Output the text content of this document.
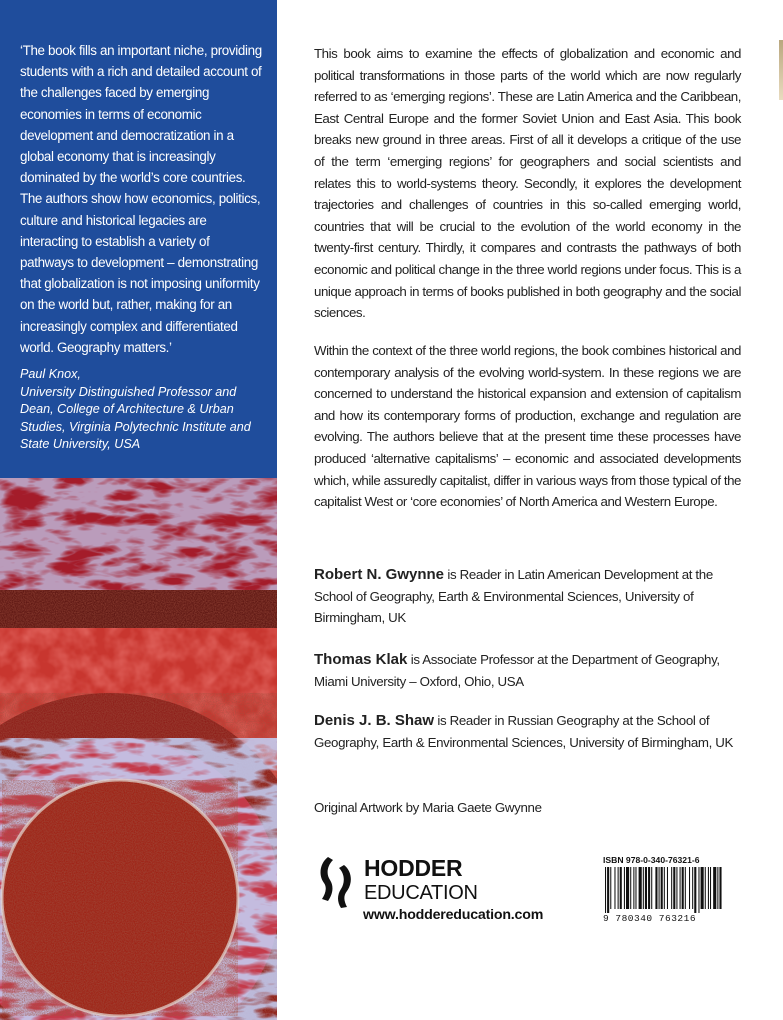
‘The book fills an important niche, providing students with a rich and detailed account of the challenges faced by emerging economies in terms of economic development and democratization in a global economy that is increasingly dominated by the world’s core countries. The authors show how economics, politics, culture and historical legacies are interacting to establish a variety of pathways to development – demonstrating that globalization is not imposing uniformity on the world but, rather, making for an increasingly complex and differentiated world. Geography matters.’

Paul Knox,
University Distinguished Professor and Dean, College of Architecture & Urban Studies, Virginia Polytechnic Institute and State University, USA

This book aims to examine the effects of globalization and economic and political transformations in those parts of the world which are now regularly referred to as ‘emerging regions’. These are Latin America and the Caribbean, East Central Europe and the former Soviet Union and East Asia. This book breaks new ground in three areas. First of all it develops a critique of the use of the term ‘emerging regions’ for geographers and social scientists and relates this to world-systems theory. Secondly, it explores the development trajectories and challenges of countries in this so-called emerging world, countries that will be crucial to the evolution of the world economy in the twenty-first century. Thirdly, it compares and contrasts the pathways of both economic and political change in the three world regions under focus. This is a unique approach in terms of books published in both geography and the social sciences.

Within the context of the three world regions, the book combines historical and contemporary analysis of the evolving world-system. In these regions we are concerned to understand the historical expansion and extension of capitalism and how its contemporary forms of production, exchange and regulation are evolving. The authors believe that at the present time these processes have produced ‘alternative capitalisms’ – economic and associated developments which, while assuredly capitalist, differ in various ways from those typical of the capitalist West or ‘core economies’ of North America and Western Europe.

Robert N. Gwynne is Reader in Latin American Development at the School of Geography, Earth & Environmental Sciences, University of Birmingham, UK

Thomas Klak is Associate Professor at the Department of Geography, Miami University – Oxford, Ohio, USA

Denis J. B. Shaw is Reader in Russian Geography at the School of Geography, Earth & Environmental Sciences, University of Birmingham, UK

Original Artwork by Maria Gaete Gwynne

HODDER
EDUCATION
www.hoddereducation.com
ISBN 978-0-340-76321-6
9 780340 763216
